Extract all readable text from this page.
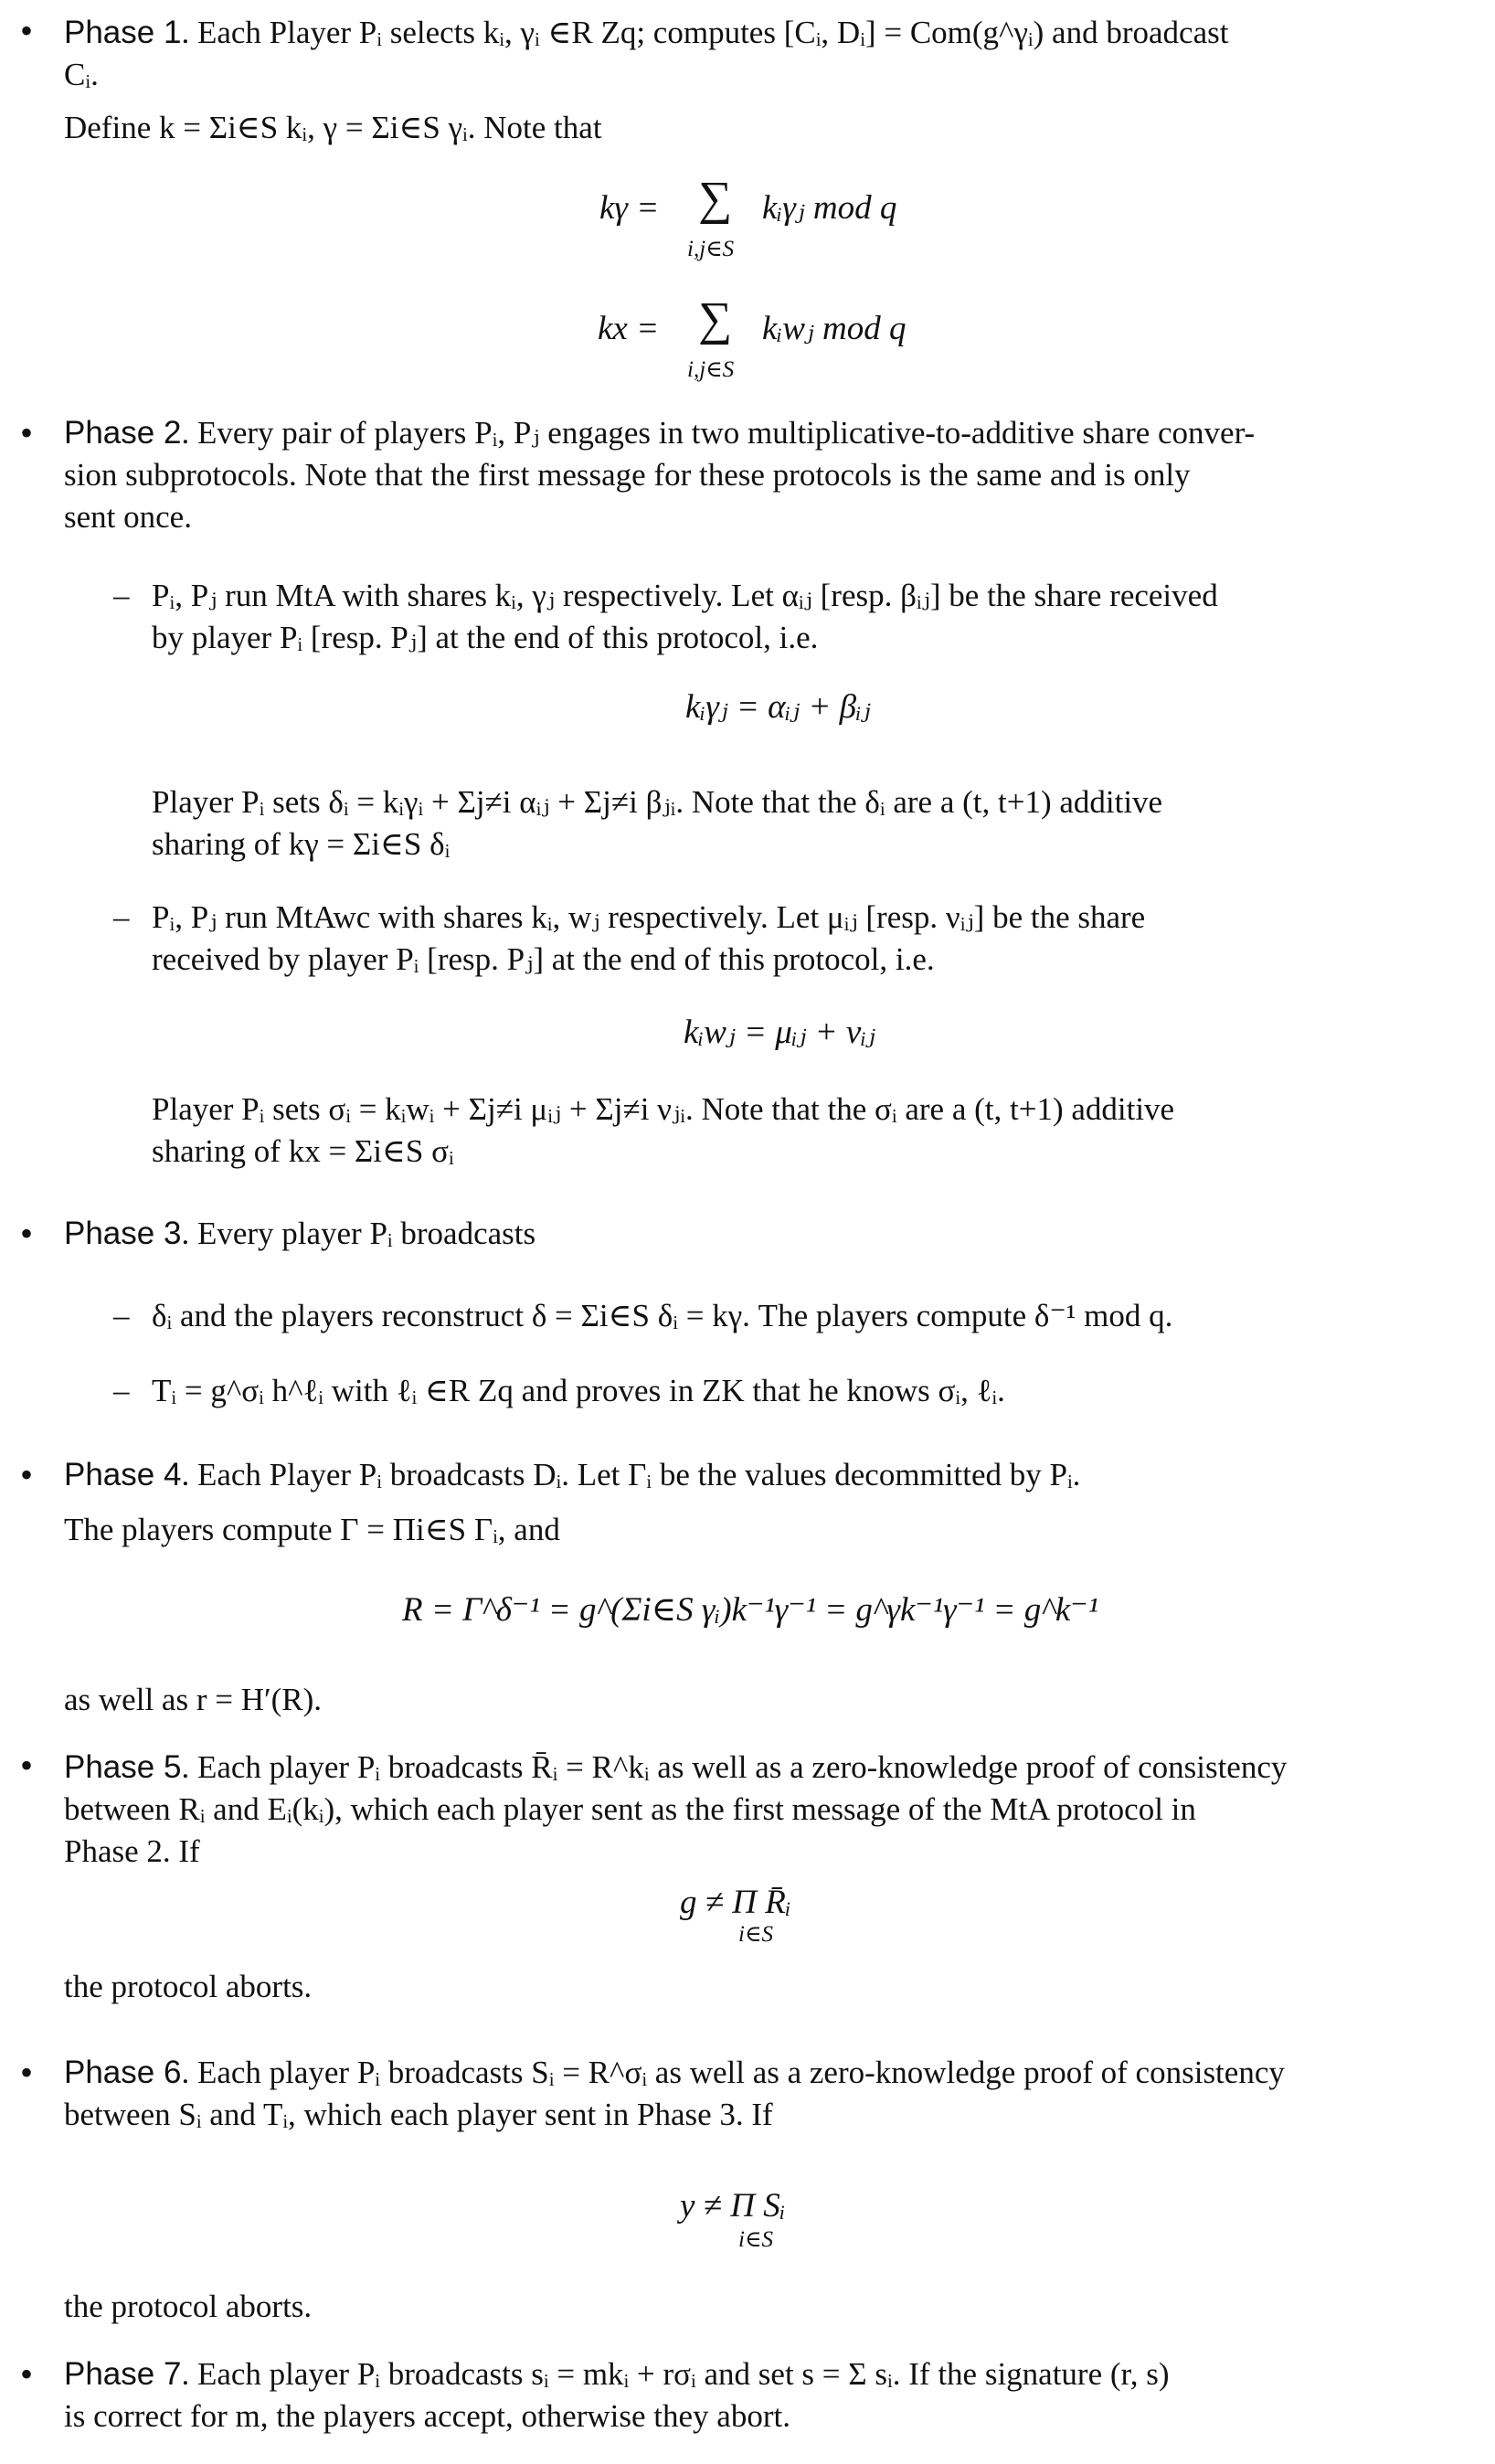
• Phase 1. Each Player Pᵢ selects kᵢ, γᵢ ∈R Zq; computes [Cᵢ, Dᵢ] = Com(g^γᵢ) and broadcast
Cᵢ.
Define k = Σi∈S kᵢ, γ = Σi∈S γᵢ. Note that
kγ = ∑ kᵢγⱼ mod q
i,j∈S
kx = ∑ kᵢwⱼ mod q
i,j∈S
• Phase 2. Every pair of players Pᵢ, Pⱼ engages in two multiplicative-to-additive share conver-
sion subprotocols. Note that the first message for these protocols is the same and is only
sent once.
– Pᵢ, Pⱼ run MtA with shares kᵢ, γⱼ respectively. Let αᵢⱼ [resp. βᵢⱼ] be the share received
by player Pᵢ [resp. Pⱼ] at the end of this protocol, i.e.
kᵢγⱼ = αᵢⱼ + βᵢⱼ
Player Pᵢ sets δᵢ = kᵢγᵢ + Σj≠i αᵢⱼ + Σj≠i βⱼᵢ. Note that the δᵢ are a (t, t+1) additive
sharing of kγ = Σi∈S δᵢ
– Pᵢ, Pⱼ run MtAwc with shares kᵢ, wⱼ respectively. Let μᵢⱼ [resp. νᵢⱼ] be the share
received by player Pᵢ [resp. Pⱼ] at the end of this protocol, i.e.
kᵢwⱼ = μᵢⱼ + νᵢⱼ
Player Pᵢ sets σᵢ = kᵢwᵢ + Σj≠i μᵢⱼ + Σj≠i νⱼᵢ. Note that the σᵢ are a (t, t+1) additive
sharing of kx = Σi∈S σᵢ
• Phase 3. Every player Pᵢ broadcasts
– δᵢ and the players reconstruct δ = Σi∈S δᵢ = kγ. The players compute δ⁻¹ mod q.
– Tᵢ = g^σᵢ h^ℓᵢ with ℓᵢ ∈R Zq and proves in ZK that he knows σᵢ, ℓᵢ.
• Phase 4. Each Player Pᵢ broadcasts Dᵢ. Let Γᵢ be the values decommitted by Pᵢ.
The players compute Γ = Πi∈S Γᵢ, and
R = Γ^δ⁻¹ = g^(Σi∈S γᵢ)k⁻¹γ⁻¹ = g^γk⁻¹γ⁻¹ = g^k⁻¹
as well as r = H′(R).
• Phase 5. Each player Pᵢ broadcasts R̄ᵢ = R^kᵢ as well as a zero-knowledge proof of consistency
between Rᵢ and Eᵢ(kᵢ), which each player sent as the first message of the MtA protocol in
Phase 2. If
g ≠ Π R̄ᵢ
i∈S
the protocol aborts.
• Phase 6. Each player Pᵢ broadcasts Sᵢ = R^σᵢ as well as a zero-knowledge proof of consistency
between Sᵢ and Tᵢ, which each player sent in Phase 3. If
y ≠ Π Sᵢ
i∈S
the protocol aborts.
• Phase 7. Each player Pᵢ broadcasts sᵢ = mkᵢ + rσᵢ and set s = Σ sᵢ. If the signature (r, s)
is correct for m, the players accept, otherwise they abort.
